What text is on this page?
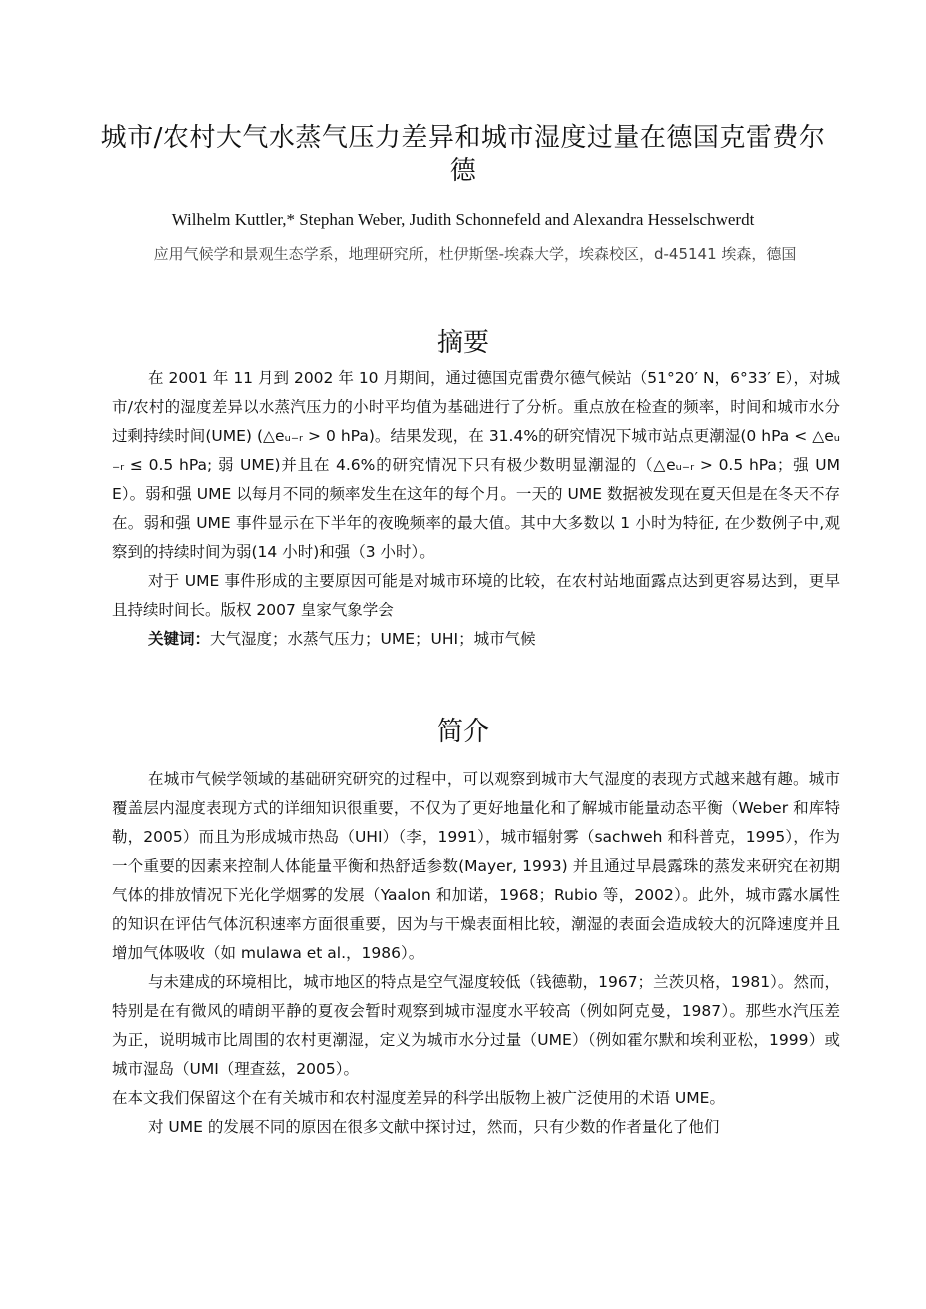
城市/农村大气水蒸气压力差异和城市湿度过量在德国克雷费尔德
Wilhelm Kuttler,* Stephan Weber, Judith Schonnefeld and Alexandra Hesselschwerdt
应用气候学和景观生态学系，地理研究所，杜伊斯堡-埃森大学，埃森校区，d-45141 埃森，德国
摘要

在 2001 年 11 月到 2002 年 10 月期间，通过德国克雷费尔德气候站（51°20′ N，6°33′ E），对城市/农村的湿度差异以水蒸汽压力的小时平均值为基础进行了分析。重点放在检查的频率，时间和城市水分过剩持续时间(UME) (△eᵤ₋ᵣ > 0 hPa)。结果发现，在 31.4%的研究情况下城市站点更潮湿(0 hPa < △eᵤ₋ᵣ ≤ 0.5 hPa; 弱 UME)并且在 4.6%的研究情况下只有极少数明显潮湿的（△eᵤ₋ᵣ > 0.5 hPa；强 UME）。弱和强 UME 以每月不同的频率发生在这年的每个月。一天的 UME 数据被发现在夏天但是在冬天不存在。弱和强 UME 事件显示在下半年的夜晚频率的最大值。其中大多数以 1 小时为特征, 在少数例子中,观察到的持续时间为弱(14 小时)和强（3 小时）。

对于 UME 事件形成的主要原因可能是对城市环境的比较，在农村站地面露点达到更容易达到，更早且持续时间长。版权 2007 皇家气象学会

关键词：大气湿度；水蒸气压力；UME；UHI；城市气候

简介

在城市气候学领域的基础研究研究的过程中，可以观察到城市大气湿度的表现方式越来越有趣。城市覆盖层内湿度表现方式的详细知识很重要，不仅为了更好地量化和了解城市能量动态平衡（Weber 和库特勒，2005）而且为形成城市热岛（UHI）（李，1991），城市辐射雾（sachweh 和科普克，1995），作为一个重要的因素来控制人体能量平衡和热舒适参数(Mayer, 1993) 并且通过早晨露珠的蒸发来研究在初期气体的排放情况下光化学烟雾的发展（Yaalon 和加诺，1968；Rubio 等，2002）。此外，城市露水属性的知识在评估气体沉积速率方面很重要，因为与干燥表面相比较，潮湿的表面会造成较大的沉降速度并且增加气体吸收（如 mulawa et al.，1986）。

与未建成的环境相比，城市地区的特点是空气湿度较低（钱德勒，1967；兰茨贝格，1981）。然而，特别是在有微风的晴朗平静的夏夜会暂时观察到城市湿度水平较高（例如阿克曼，1987）。那些水汽压差为正，说明城市比周围的农村更潮湿，定义为城市水分过量（UME）（例如霍尔默和埃利亚松，1999）或城市湿岛（UMI（理查兹，2005）。

在本文我们保留这个在有关城市和农村湿度差异的科学出版物上被广泛使用的术语 UME。

对 UME 的发展不同的原因在很多文献中探讨过，然而，只有少数的作者量化了他们
